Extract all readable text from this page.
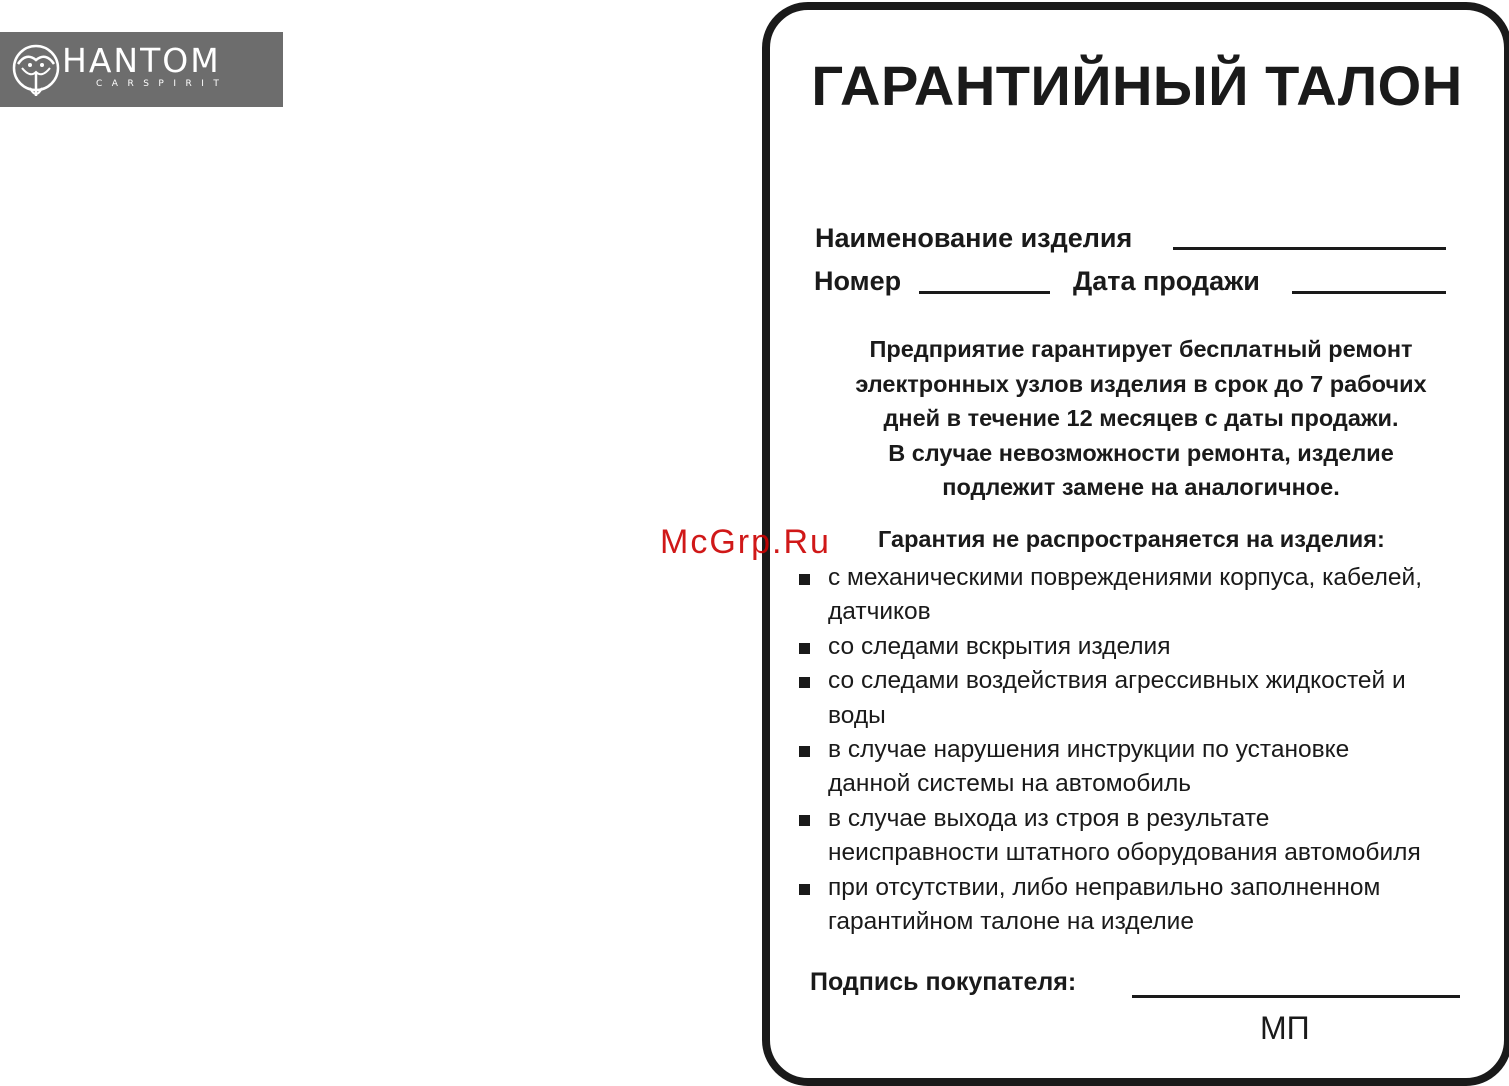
HANTOM
CARSPIRIT	ГАРАНТИЙНЫЙ ТАЛОН
Наименование изделия
Номер	Дата продажи
Предприятие гарантирует бесплатный ремонт
электронных узлов изделия в срок до 7 рабочих
дней в течение 12 месяцев с даты продажи.
В случае невозможности ремонта, изделие
подлежит замене на аналогичное.
Гарантия не распространяется на изделия:
с механическими повреждениями корпуса, кабелей,
датчиков
со следами вскрытия изделия
со следами воздействия агрессивных жидкостей и
воды
в случае нарушения инструкции по установке
данной системы на автомобиль
в случае выхода из строя в результате
неисправности штатного оборудования автомобиля
при отсутствии, либо неправильно заполненном
гарантийном талоне на изделие
Подпись покупателя:
МП
McGrp.Ru
